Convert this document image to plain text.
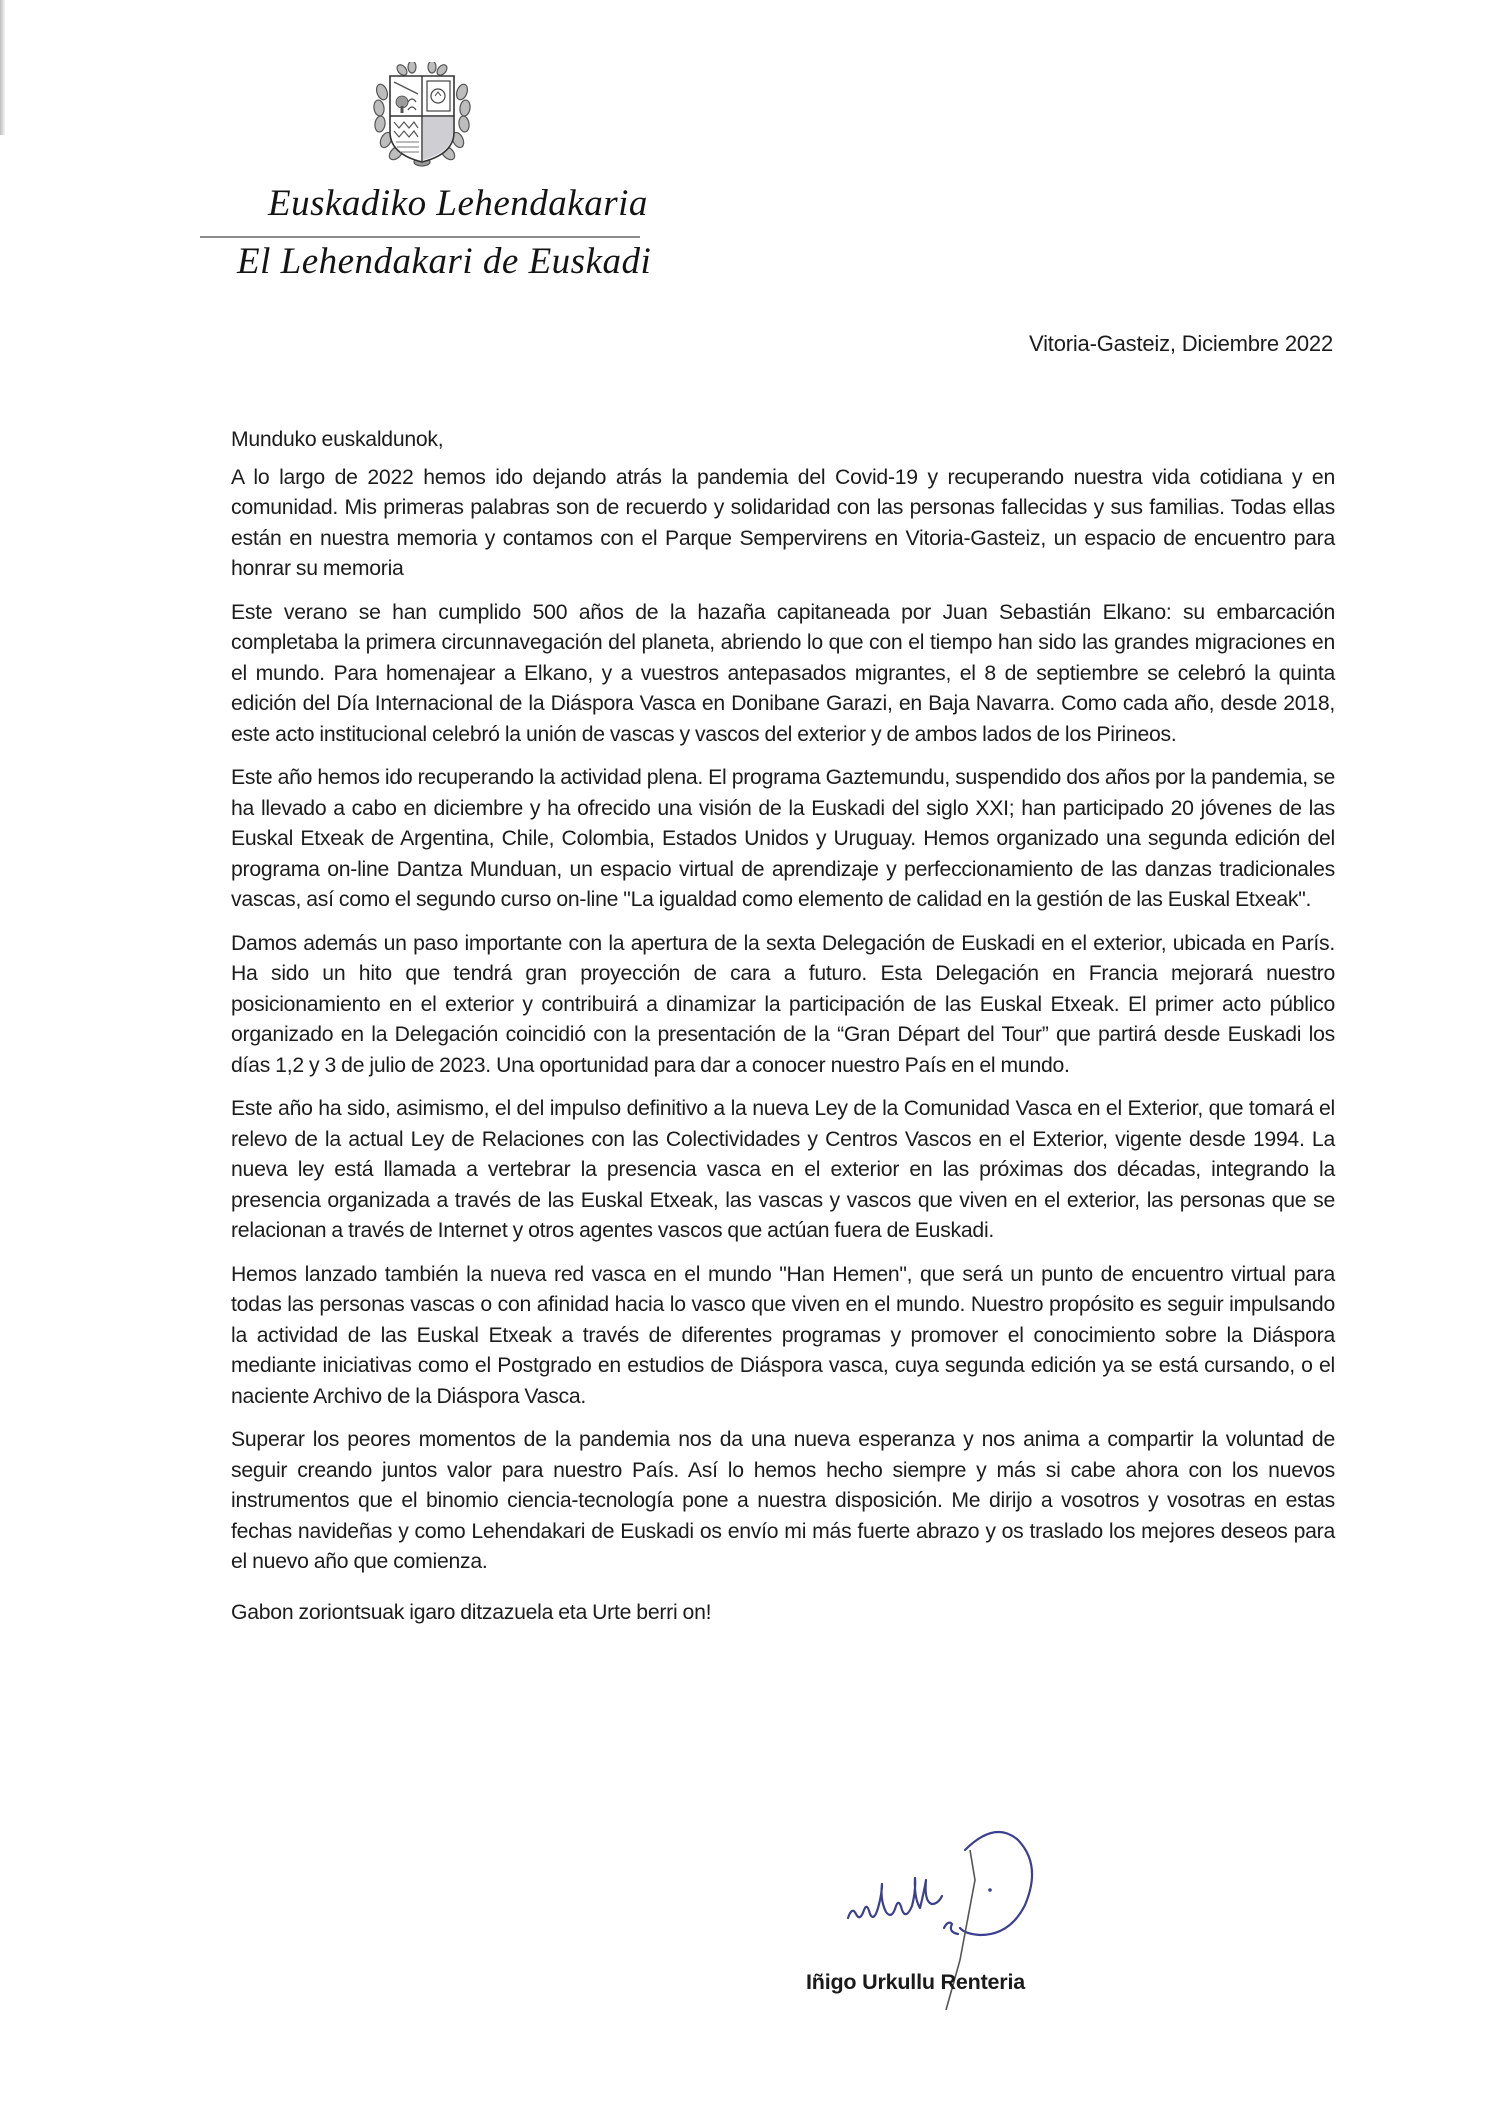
Euskadiko Lehendakaria
El Lehendakari de Euskadi
Vitoria-Gasteiz, Diciembre 2022

Munduko euskaldunok,

A lo largo de 2022 hemos ido dejando atrás la pandemia del Covid-19 y recuperando nuestra vida cotidiana y en comunidad. Mis primeras palabras son de recuerdo y solidaridad con las personas fallecidas y sus familias. Todas ellas están en nuestra memoria y contamos con el Parque Sempervirens en Vitoria-Gasteiz, un espacio de encuentro para honrar su memoria

Este verano se han cumplido 500 años de la hazaña capitaneada por Juan Sebastián Elkano: su embarcación completaba la primera circunnavegación del planeta, abriendo lo que con el tiempo han sido las grandes migraciones en el mundo. Para homenajear a Elkano, y a vuestros antepasados migrantes, el 8 de septiembre se celebró la quinta edición del Día Internacional de la Diáspora Vasca en Donibane Garazi, en Baja Navarra. Como cada año, desde 2018, este acto institucional celebró la unión de vascas y vascos del exterior y de ambos lados de los Pirineos.

Este año hemos ido recuperando la actividad plena. El programa Gaztemundu, suspendido dos años por la pandemia, se ha llevado a cabo en diciembre y ha ofrecido una visión de la Euskadi del siglo XXI; han participado 20 jóvenes de las Euskal Etxeak de Argentina, Chile, Colombia, Estados Unidos y Uruguay. Hemos organizado una segunda edición del programa on-line Dantza Munduan, un espacio virtual de aprendizaje y perfeccionamiento de las danzas tradicionales vascas, así como el segundo curso on-line "La igualdad como elemento de calidad en la gestión de las Euskal Etxeak".

Damos además un paso importante con la apertura de la sexta Delegación de Euskadi en el exterior, ubicada en París. Ha sido un hito que tendrá gran proyección de cara a futuro. Esta Delegación en Francia mejorará nuestro posicionamiento en el exterior y contribuirá a dinamizar la participación de las Euskal Etxeak. El primer acto público organizado en la Delegación coincidió con la presentación de la “Gran Départ del Tour” que partirá desde Euskadi los días 1,2 y 3 de julio de 2023. Una oportunidad para dar a conocer nuestro País en el mundo.

Este año ha sido, asimismo, el del impulso definitivo a la nueva Ley de la Comunidad Vasca en el Exterior, que tomará el relevo de la actual Ley de Relaciones con las Colectividades y Centros Vascos en el Exterior, vigente desde 1994. La nueva ley está llamada a vertebrar la presencia vasca en el exterior en las próximas dos décadas, integrando la presencia organizada a través de las Euskal Etxeak, las vascas y vascos que viven en el exterior, las personas que se relacionan a través de Internet y otros agentes vascos que actúan fuera de Euskadi.

Hemos lanzado también la nueva red vasca en el mundo "Han Hemen", que será un punto de encuentro virtual para todas las personas vascas o con afinidad hacia lo vasco que viven en el mundo. Nuestro propósito es seguir impulsando la actividad de las Euskal Etxeak a través de diferentes programas y promover el conocimiento sobre la Diáspora mediante iniciativas como el Postgrado en estudios de Diáspora vasca, cuya segunda edición ya se está cursando, o el naciente Archivo de la Diáspora Vasca.

Superar los peores momentos de la pandemia nos da una nueva esperanza y nos anima a compartir la voluntad de seguir creando juntos valor para nuestro País. Así lo hemos hecho siempre y más si cabe ahora con los nuevos instrumentos que el binomio ciencia-tecnología pone a nuestra disposición. Me dirijo a vosotros y vosotras en estas fechas navideñas y como Lehendakari de Euskadi os envío mi más fuerte abrazo y os traslado los mejores deseos para el nuevo año que comienza.

Gabon zoriontsuak igaro ditzazuela eta Urte berri on!

Iñigo Urkullu Renteria
